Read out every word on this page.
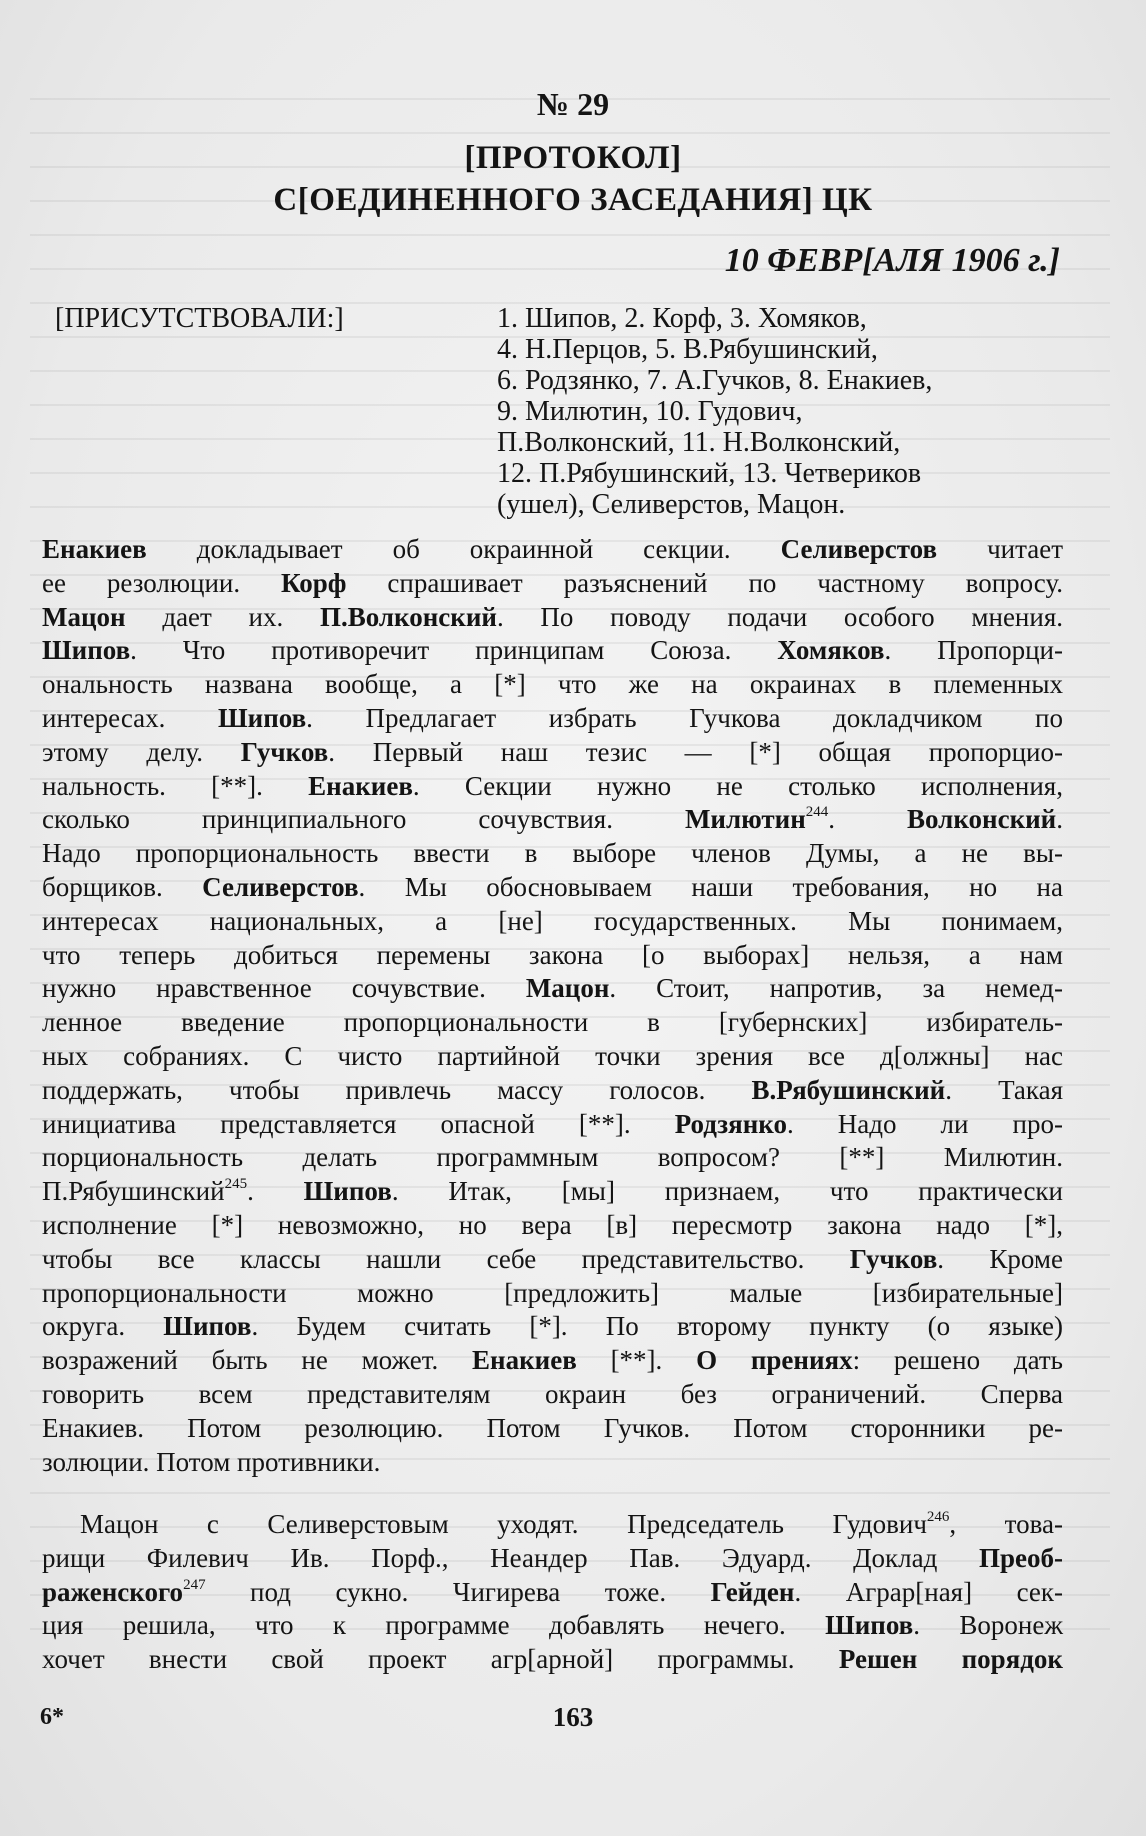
№ 29
[ПРОТОКОЛ]
С[ОЕДИНЕННОГО ЗАСЕДАНИЯ] ЦК
10 ФЕВР[АЛЯ 1906 г.]
[ПРИСУТСТВОВАЛИ:]	1. Шипов, 2. Корф, 3. Хомяков,
4. Н.Перцов, 5. В.Рябушинский,
6. Родзянко, 7. А.Гучков, 8. Енакиев,
9. Милютин, 10. Гудович,
П.Волконский, 11. Н.Волконский,
12. П.Рябушинский, 13. Четвериков
(ушел), Селиверстов, Мацон.
Енакиев докладывает об окраинной секции. Селиверстов читает
ее резолюции. Корф спрашивает разъяснений по частному вопросу.
Мацон дает их. П.Волконский. По поводу подачи особого мнения.
Шипов. Что противоречит принципам Союза. Хомяков. Пропорци-
ональность названа вообще, а [*] что же на окраинах в племенных
интересах. Шипов. Предлагает избрать Гучкова докладчиком по
этому делу. Гучков. Первый наш тезис — [*] общая пропорцио-
нальность. [**]. Енакиев. Секции нужно не столько исполнения,
сколько принципиального сочувствия. Милютин$^{244}$. Волконский.
Надо пропорциональность ввести в выборе членов Думы, а не вы-
борщиков. Селиверстов. Мы обосновываем наши требования, но на
интересах национальных, а [не] государственных. Мы понимаем,
что теперь добиться перемены закона [о выборах] нельзя, а нам
нужно нравственное сочувствие. Мацон. Стоит, напротив, за немед-
ленное введение пропорциональности в [губернских] избиратель-
ных собраниях. С чисто партийной точки зрения все д[олжны] нас
поддержать, чтобы привлечь массу голосов. В.Рябушинский. Такая
инициатива представляется опасной [**]. Родзянко. Надо ли про-
порциональность делать программным вопросом? [**] Милютин.
П.Рябушинский$^{245}$. Шипов. Итак, [мы] признаем, что практически
исполнение [*] невозможно, но вера [в] пересмотр закона надо [*],
чтобы все классы нашли себе представительство. Гучков. Кроме
пропорциональности можно [предложить] малые [избирательные]
округа. Шипов. Будем считать [*]. По второму пункту (о языке)
возражений быть не может. Енакиев [**]. О прениях: решено дать
говорить всем представителям окраин без ограничений. Сперва
Енакиев. Потом резолюцию. Потом Гучков. Потом сторонники ре-
золюции. Потом противники.
Мацон с Селиверстовым уходят. Председатель Гудович$^{246}$, това-
рищи Филевич Ив. Порф., Неандер Пав. Эдуард. Доклад Преоб-
раженского$^{247}$ под сукно. Чигирева тоже. Гейден. Аграр[ная] сек-
ция решила, что к программе добавлять нечего. Шипов. Воронеж
хочет внести свой проект агр[арной] программы. Решен порядок
6*	163
